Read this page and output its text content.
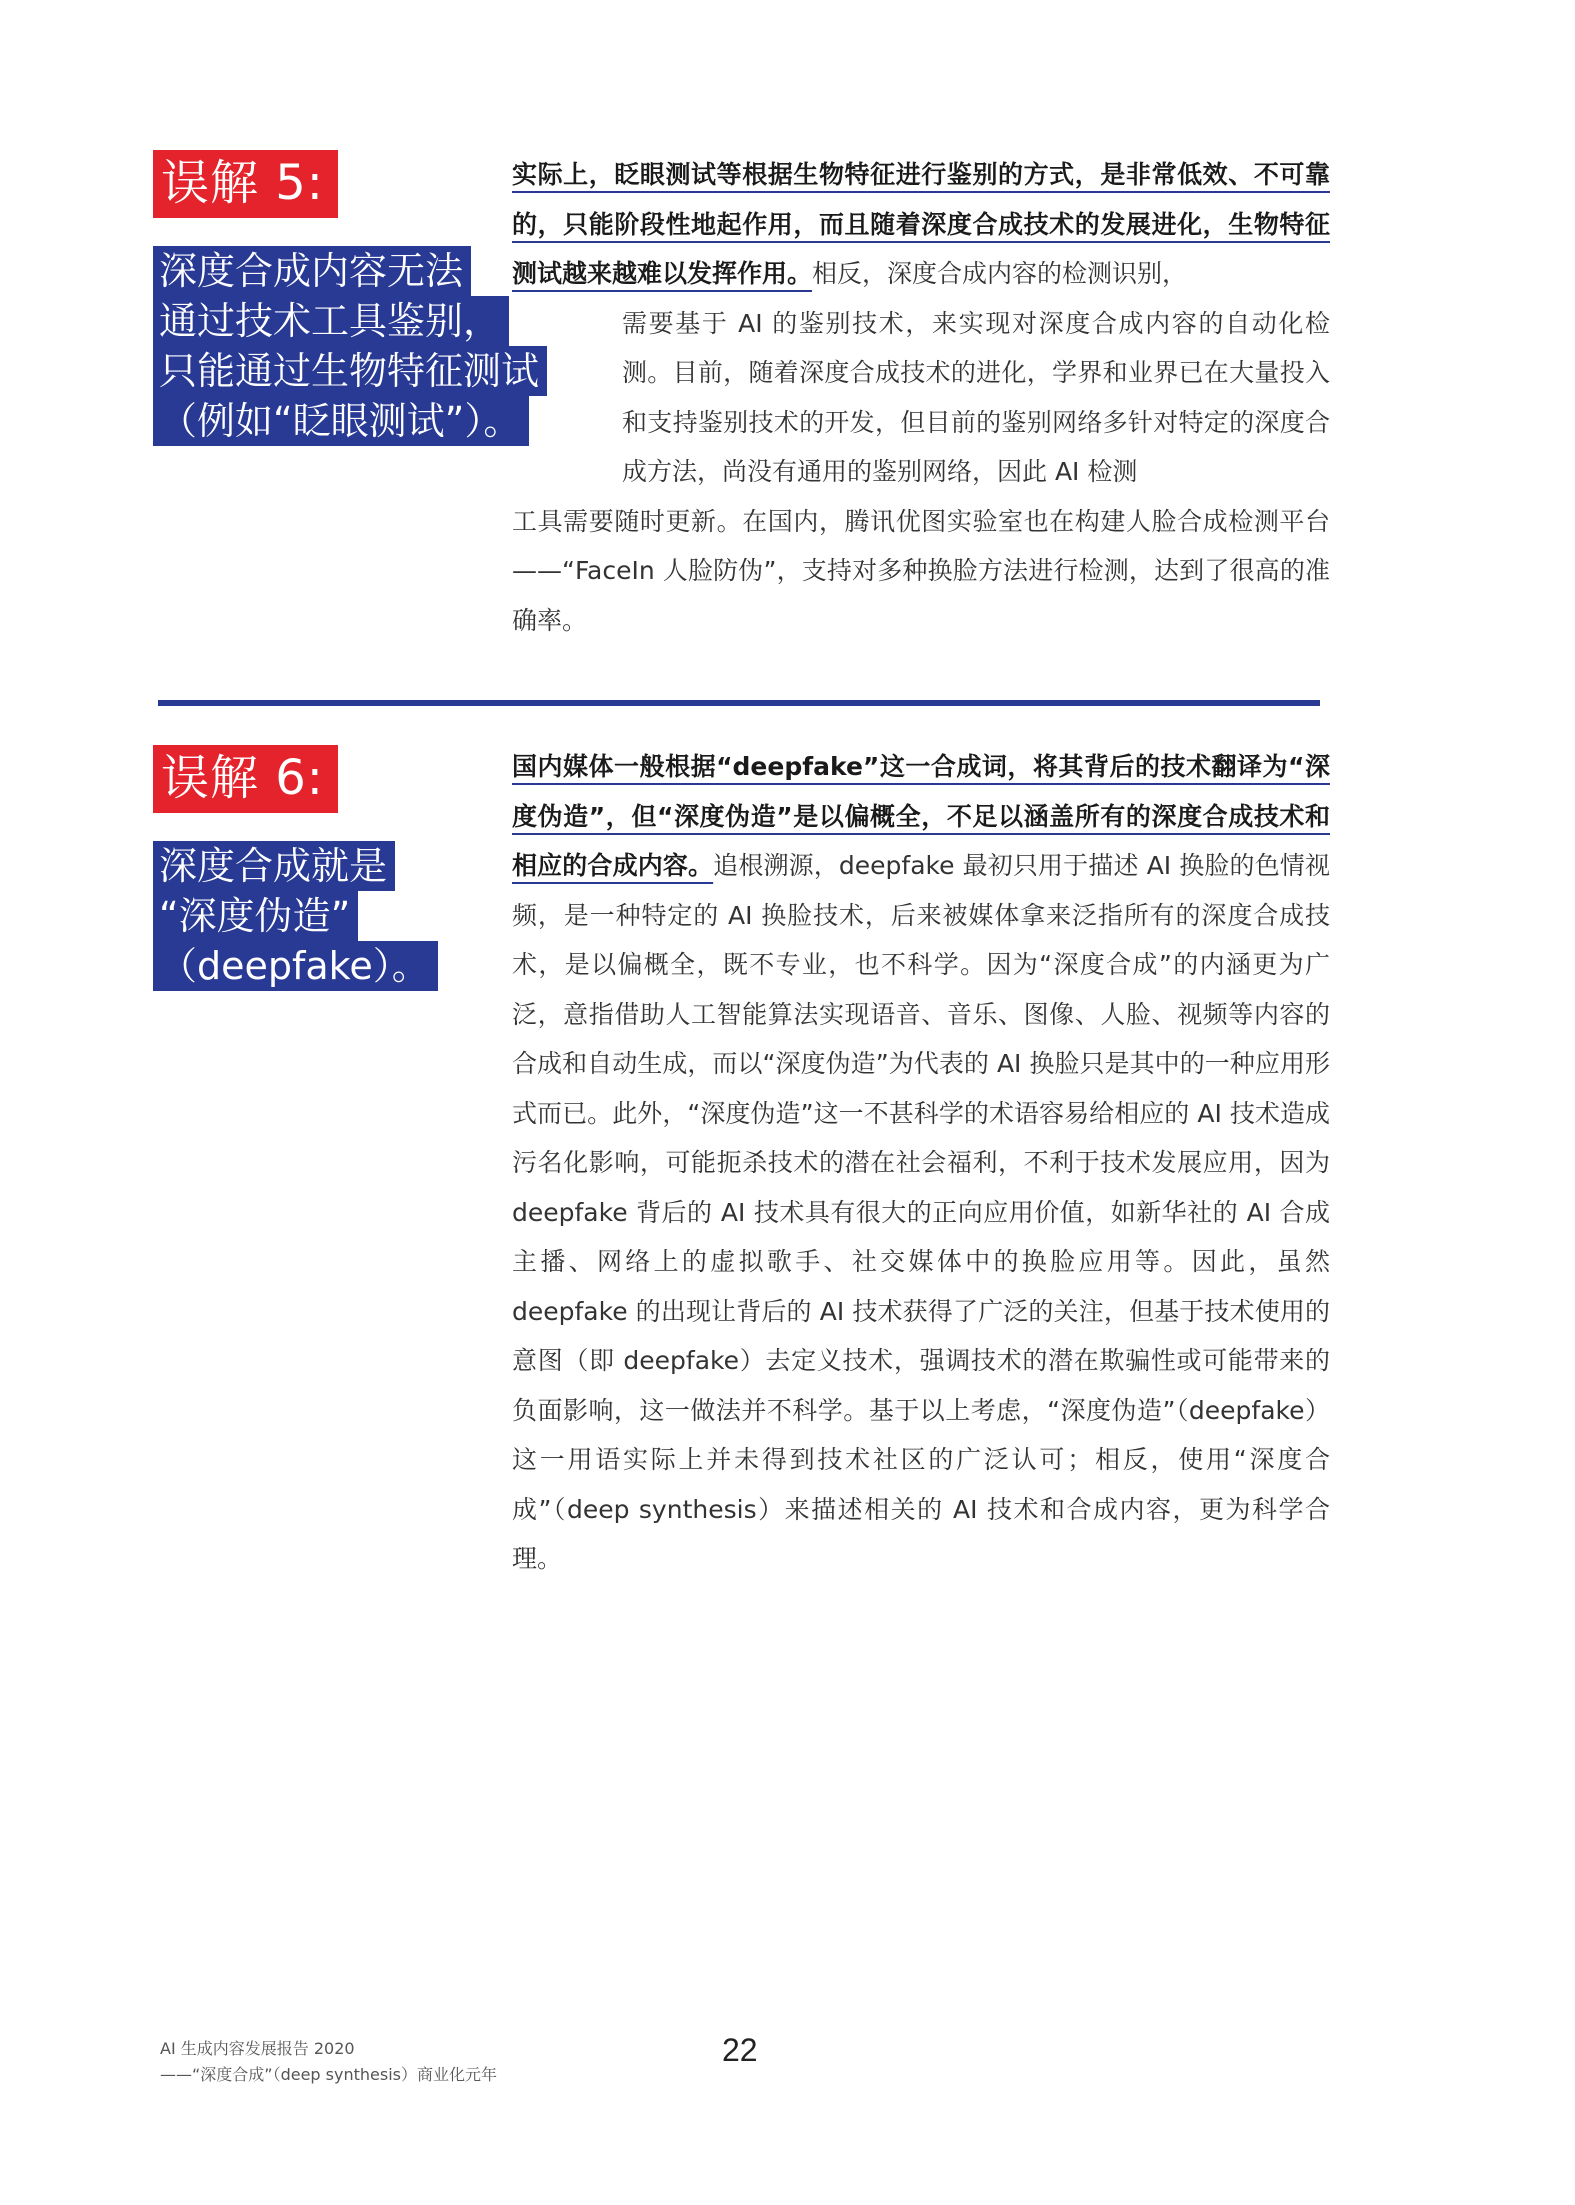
误解 5:
深度合成内容无法
通过技术工具鉴别，
只能通过生物特征测试
（例如“眨眼测试”）。
实际上，眨眼测试等根据生物特征进行鉴别的方式，是非常低效、不可靠的，只能阶段性地起作用，而且随着深度合成技术的发展进化，生物特征测试越来越难以发挥作用。相反，深度合成内容的检测识别，
需要基于 AI 的鉴别技术，来实现对深度合成内容的自动化检测。目前，随着深度合成技术的进化，学界和业界已在大量投入和支持鉴别技术的开发，但目前的鉴别网络多针对特定的深度合成方法，尚没有通用的鉴别网络，因此 AI 检测
工具需要随时更新。在国内，腾讯优图实验室也在构建人脸合成检测平台——“FaceIn 人脸防伪”，支持对多种换脸方法进行检测，达到了很高的准确率。
误解 6:
深度合成就是
“深度伪造”
（deepfake）。
国内媒体一般根据“deepfake”这一合成词，将其背后的技术翻译为“深度伪造”，但“深度伪造”是以偏概全，不足以涵盖所有的深度合成技术和相应的合成内容。追根溯源，deepfake 最初只用于描述 AI 换脸的色情视频，是一种特定的 AI 换脸技术，后来被媒体拿来泛指所有的深度合成技术，是以偏概全，既不专业，也不科学。因为“深度合成”的内涵更为广泛，意指借助人工智能算法实现语音、音乐、图像、人脸、视频等内容的合成和自动生成，而以“深度伪造”为代表的 AI 换脸只是其中的一种应用形式而已。此外，“深度伪造”这一不甚科学的术语容易给相应的 AI 技术造成污名化影响，可能扼杀技术的潜在社会福利，不利于技术发展应用，因为 deepfake 背后的 AI 技术具有很大的正向应用价值，如新华社的 AI 合成主播、网络上的虚拟歌手、社交媒体中的换脸应用等。因此，虽然 deepfake 的出现让背后的 AI 技术获得了广泛的关注，但基于技术使用的意图（即 deepfake）去定义技术，强调技术的潜在欺骗性或可能带来的负面影响，这一做法并不科学。基于以上考虑，“深度伪造”（deepfake）这一用语实际上并未得到技术社区的广泛认可；相反，使用“深度合成”（deep synthesis）来描述相关的 AI 技术和合成内容，更为科学合理。
AI 生成内容发展报告 2020
——“深度合成”（deep synthesis）商业化元年
22
